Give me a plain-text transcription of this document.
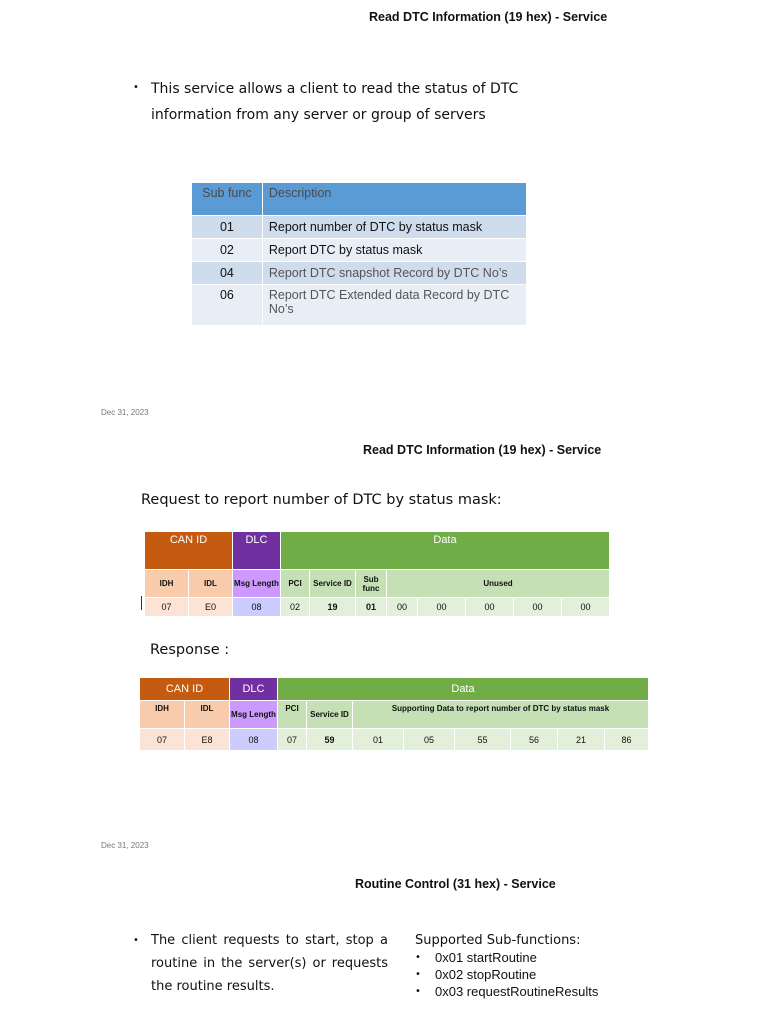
Read DTC Information (19 hex) - Service
• This service allows a client to read the status of DTC information from any server or group of servers
Sub func	Description
01	Report number of DTC by status mask
02	Report DTC by status mask
04	Report DTC snapshot Record by DTC No’s
06	Report DTC Extended data Record by DTC No’s
Dec 31, 2023
Read DTC Information (19 hex) - Service
Request to report number of DTC by status mask:
CAN ID		DLC	Data							
IDH	IDL	Msg Length	PCI	Service ID	Sub func	Unused				
07	E0	08	02	19	01	00	00	00	00	00
Response :
CAN ID		DLC	Data							
IDH	IDL	Msg Length	PCI	Service ID	Supporting Data to report number of DTC by status mask					
07	E8	08	07	59	01	05	55	56	21	86
Dec 31, 2023
Routine Control (31 hex) - Service
• The client requests to start, stop a routine in the server(s) or requests the routine results.
Supported Sub-functions:
•	0x01 startRoutine
•	0x02 stopRoutine
•	0x03 requestRoutineResults
